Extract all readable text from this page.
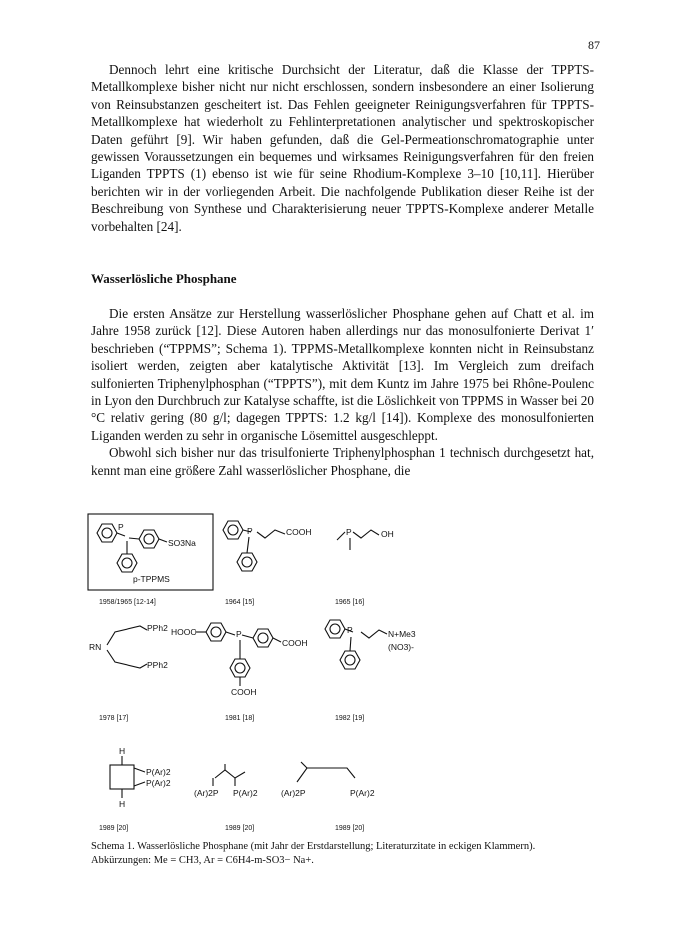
87

Dennoch lehrt eine kritische Durchsicht der Literatur, daß die Klasse der TPPTS-Metallkomplexe bisher nicht nur nicht erschlossen, sondern insbesondere an einer Isolierung von Reinsubstanzen gescheitert ist. Das Fehlen geeigneter Reinigungsverfahren für TPPTS-Metallkomplexe hat wiederholt zu Fehlinterpretationen analytischer und spektroskopischer Daten geführt [9]. Wir haben gefunden, daß die Gel-Permeationschromatographie unter gewissen Voraussetzungen ein bequemes und wirksames Reinigungsverfahren für den freien Liganden TPPTS (1) ebenso ist wie für seine Rhodium-Komplexe 3–10 [10,11]. Hierüber berichten wir in der vorliegenden Arbeit. Die nachfolgende Publikation dieser Reihe ist der Beschreibung von Synthese und Charakterisierung neuer TPPTS-Komplexe anderer Metalle vorbehalten [24].

Wasserlösliche Phosphane

Die ersten Ansätze zur Herstellung wasserlöslicher Phosphane gehen auf Chatt et al. im Jahre 1958 zurück [12]. Diese Autoren haben allerdings nur das monosulfonierte Derivat 1′ beschrieben (“TPPMS”; Schema 1). TPPMS-Metallkomplexe konnten nicht in Reinsubstanz isoliert werden, zeigten aber katalytische Aktivität [13]. Im Vergleich zum dreifach sulfonierten Triphenylphosphan (“TPPTS”), mit dem Kuntz im Jahre 1975 bei Rhône-Poulenc in Lyon den Durchbruch zur Katalyse schaffte, ist die Löslichkeit von TPPMS in Wasser bei 20 °C relativ gering (80 g/l; dagegen TPPTS: 1.2 kg/l [14]). Komplexe des monosulfonierten Liganden werden zu sehr in organische Lösemittel ausgeschleppt.

Obwohl sich bisher nur das trisulfonierte Triphenylphosphan 1 technisch durchgesetzt hat, kennt man eine größere Zahl wasserlöslicher Phosphane, die

P
SO3Na
p-TPPMS
P	COOH	P	OH
PPh2
RN
PPh2
HOOC	P
COOH
COOH
P	N+Me3
(NO3)-
H
H
P(Ar)2
P(Ar)2
(Ar)2P P(Ar)2	(Ar)2P	P(Ar)2
1958/1965 [12-14]	1964 [15]	1965 [16]
1978 [17]	1981 [18]	1982 [19]
1989 [20]	1989 [20]	1989 [20]
Schema 1. Wasserlösliche Phosphane (mit Jahr der Erstdarstellung; Literaturzitate in eckigen Klammern).
Abkürzungen: Me = CH3, Ar = C6H4-m-SO3− Na+.
